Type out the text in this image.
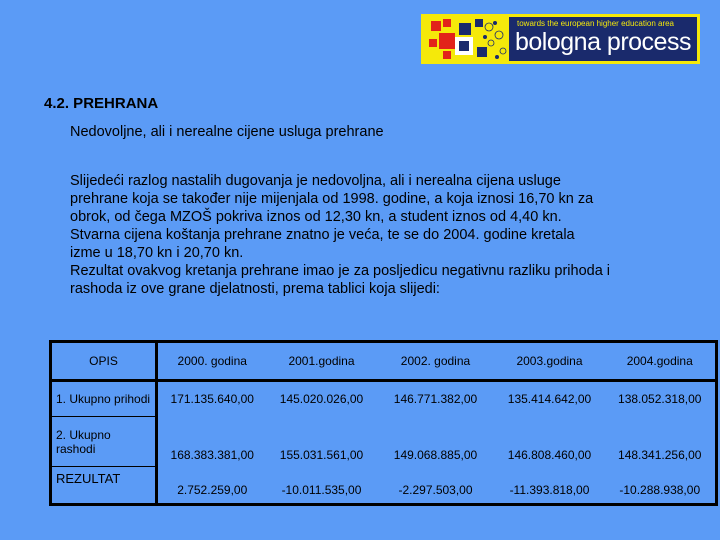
towards the european higher education area
bologna process
4.2. PREHRANA
Nedovoljne, ali i nerealne cijene usluga prehrane

Slijedeći razlog nastalih dugovanja je nedovoljna, ali i nerealna cijena usluge

prehrane koja se također nije mijenjala od 1998. godine, a koja iznosi 16,70 kn za

obrok, od čega MZOŠ pokriva iznos od 12,30 kn, a student iznos od 4,40 kn.

Stvarna cijena koštanja prehrane znatno je veća, te se do 2004. godine kretala

izme u 18,70 kn i 20,70 kn.

Rezultat ovakvog kretanja prehrane imao je za posljedicu negativnu razliku prihoda i

rashoda iz ove grane djelatnosti, prema tablici koja slijedi:

OPIS	2000. godina	2001.godina	2002. godina	2003.godina	2004.godina
1. Ukupno prihodi	171.135.640,00	145.020.026,00	146.771.382,00	135.414.642,00	138.052.318,00

2. Ukupno
rashodi	168.383.381,00	155.031.561,00	149.068.885,00	146.808.460,00	148.341.256,00
REZULTAT	2.752.259,00	-10.011.535,00	-2.297.503,00	-11.393.818,00	-10.288.938,00
